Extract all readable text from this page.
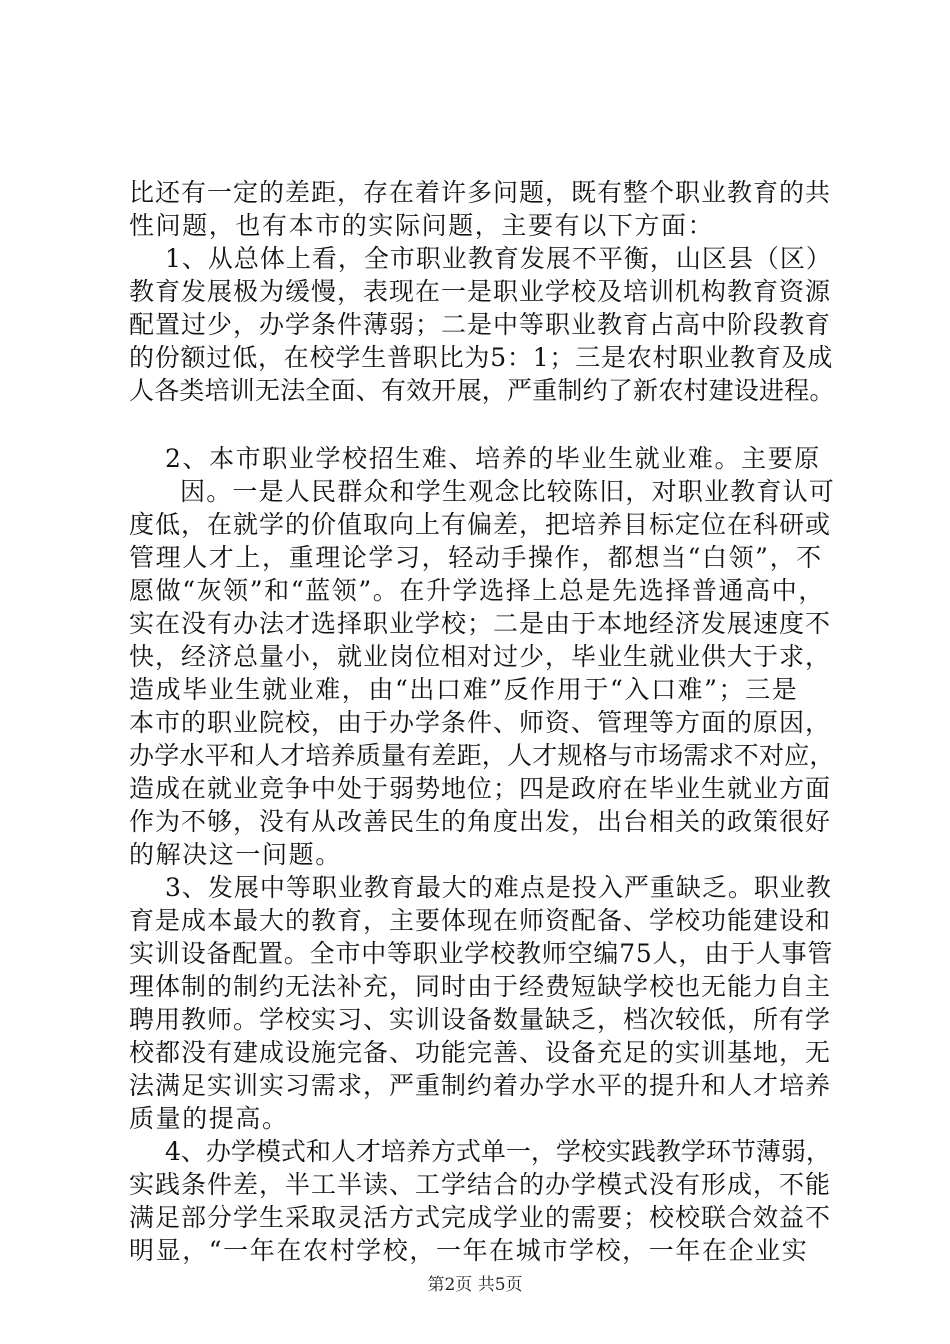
比还有一定的差距，存在着许多问题，既有整个职业教育的共
性问题，也有本市的实际问题，主要有以下方面：
1、从总体上看，全市职业教育发展不平衡，山区县（区）
教育发展极为缓慢，表现在一是职业学校及培训机构教育资源
配置过少，办学条件薄弱；二是中等职业教育占高中阶段教育
的份额过低，在校学生普职比为5：1；三是农村职业教育及成
人各类培训无法全面、有效开展，严重制约了新农村建设进程。
2、本市职业学校招生难、培养的毕业生就业难。主要原
因。一是人民群众和学生观念比较陈旧，对职业教育认可
度低，在就学的价值取向上有偏差，把培养目标定位在科研或
管理人才上，重理论学习，轻动手操作，都想当“白领”，不
愿做“灰领”和“蓝领”。在升学选择上总是先选择普通高中，
实在没有办法才选择职业学校；二是由于本地经济发展速度不
快，经济总量小，就业岗位相对过少，毕业生就业供大于求，
造成毕业生就业难，由“出口难”反作用于“入口难”；三是
本市的职业院校，由于办学条件、师资、管理等方面的原因，
办学水平和人才培养质量有差距，人才规格与市场需求不对应，
造成在就业竞争中处于弱势地位；四是政府在毕业生就业方面
作为不够，没有从改善民生的角度出发，出台相关的政策很好
的解决这一问题。
3、发展中等职业教育最大的难点是投入严重缺乏。职业教
育是成本最大的教育，主要体现在师资配备、学校功能建设和
实训设备配置。全市中等职业学校教师空编75人，由于人事管
理体制的制约无法补充，同时由于经费短缺学校也无能力自主
聘用教师。学校实习、实训设备数量缺乏，档次较低，所有学
校都没有建成设施完备、功能完善、设备充足的实训基地，无
法满足实训实习需求，严重制约着办学水平的提升和人才培养
质量的提高。
4、办学模式和人才培养方式单一，学校实践教学环节薄弱，
实践条件差，半工半读、工学结合的办学模式没有形成，不能
满足部分学生采取灵活方式完成学业的需要；校校联合效益不
明显，“一年在农村学校，一年在城市学校，一年在企业实
第2页 共5页
